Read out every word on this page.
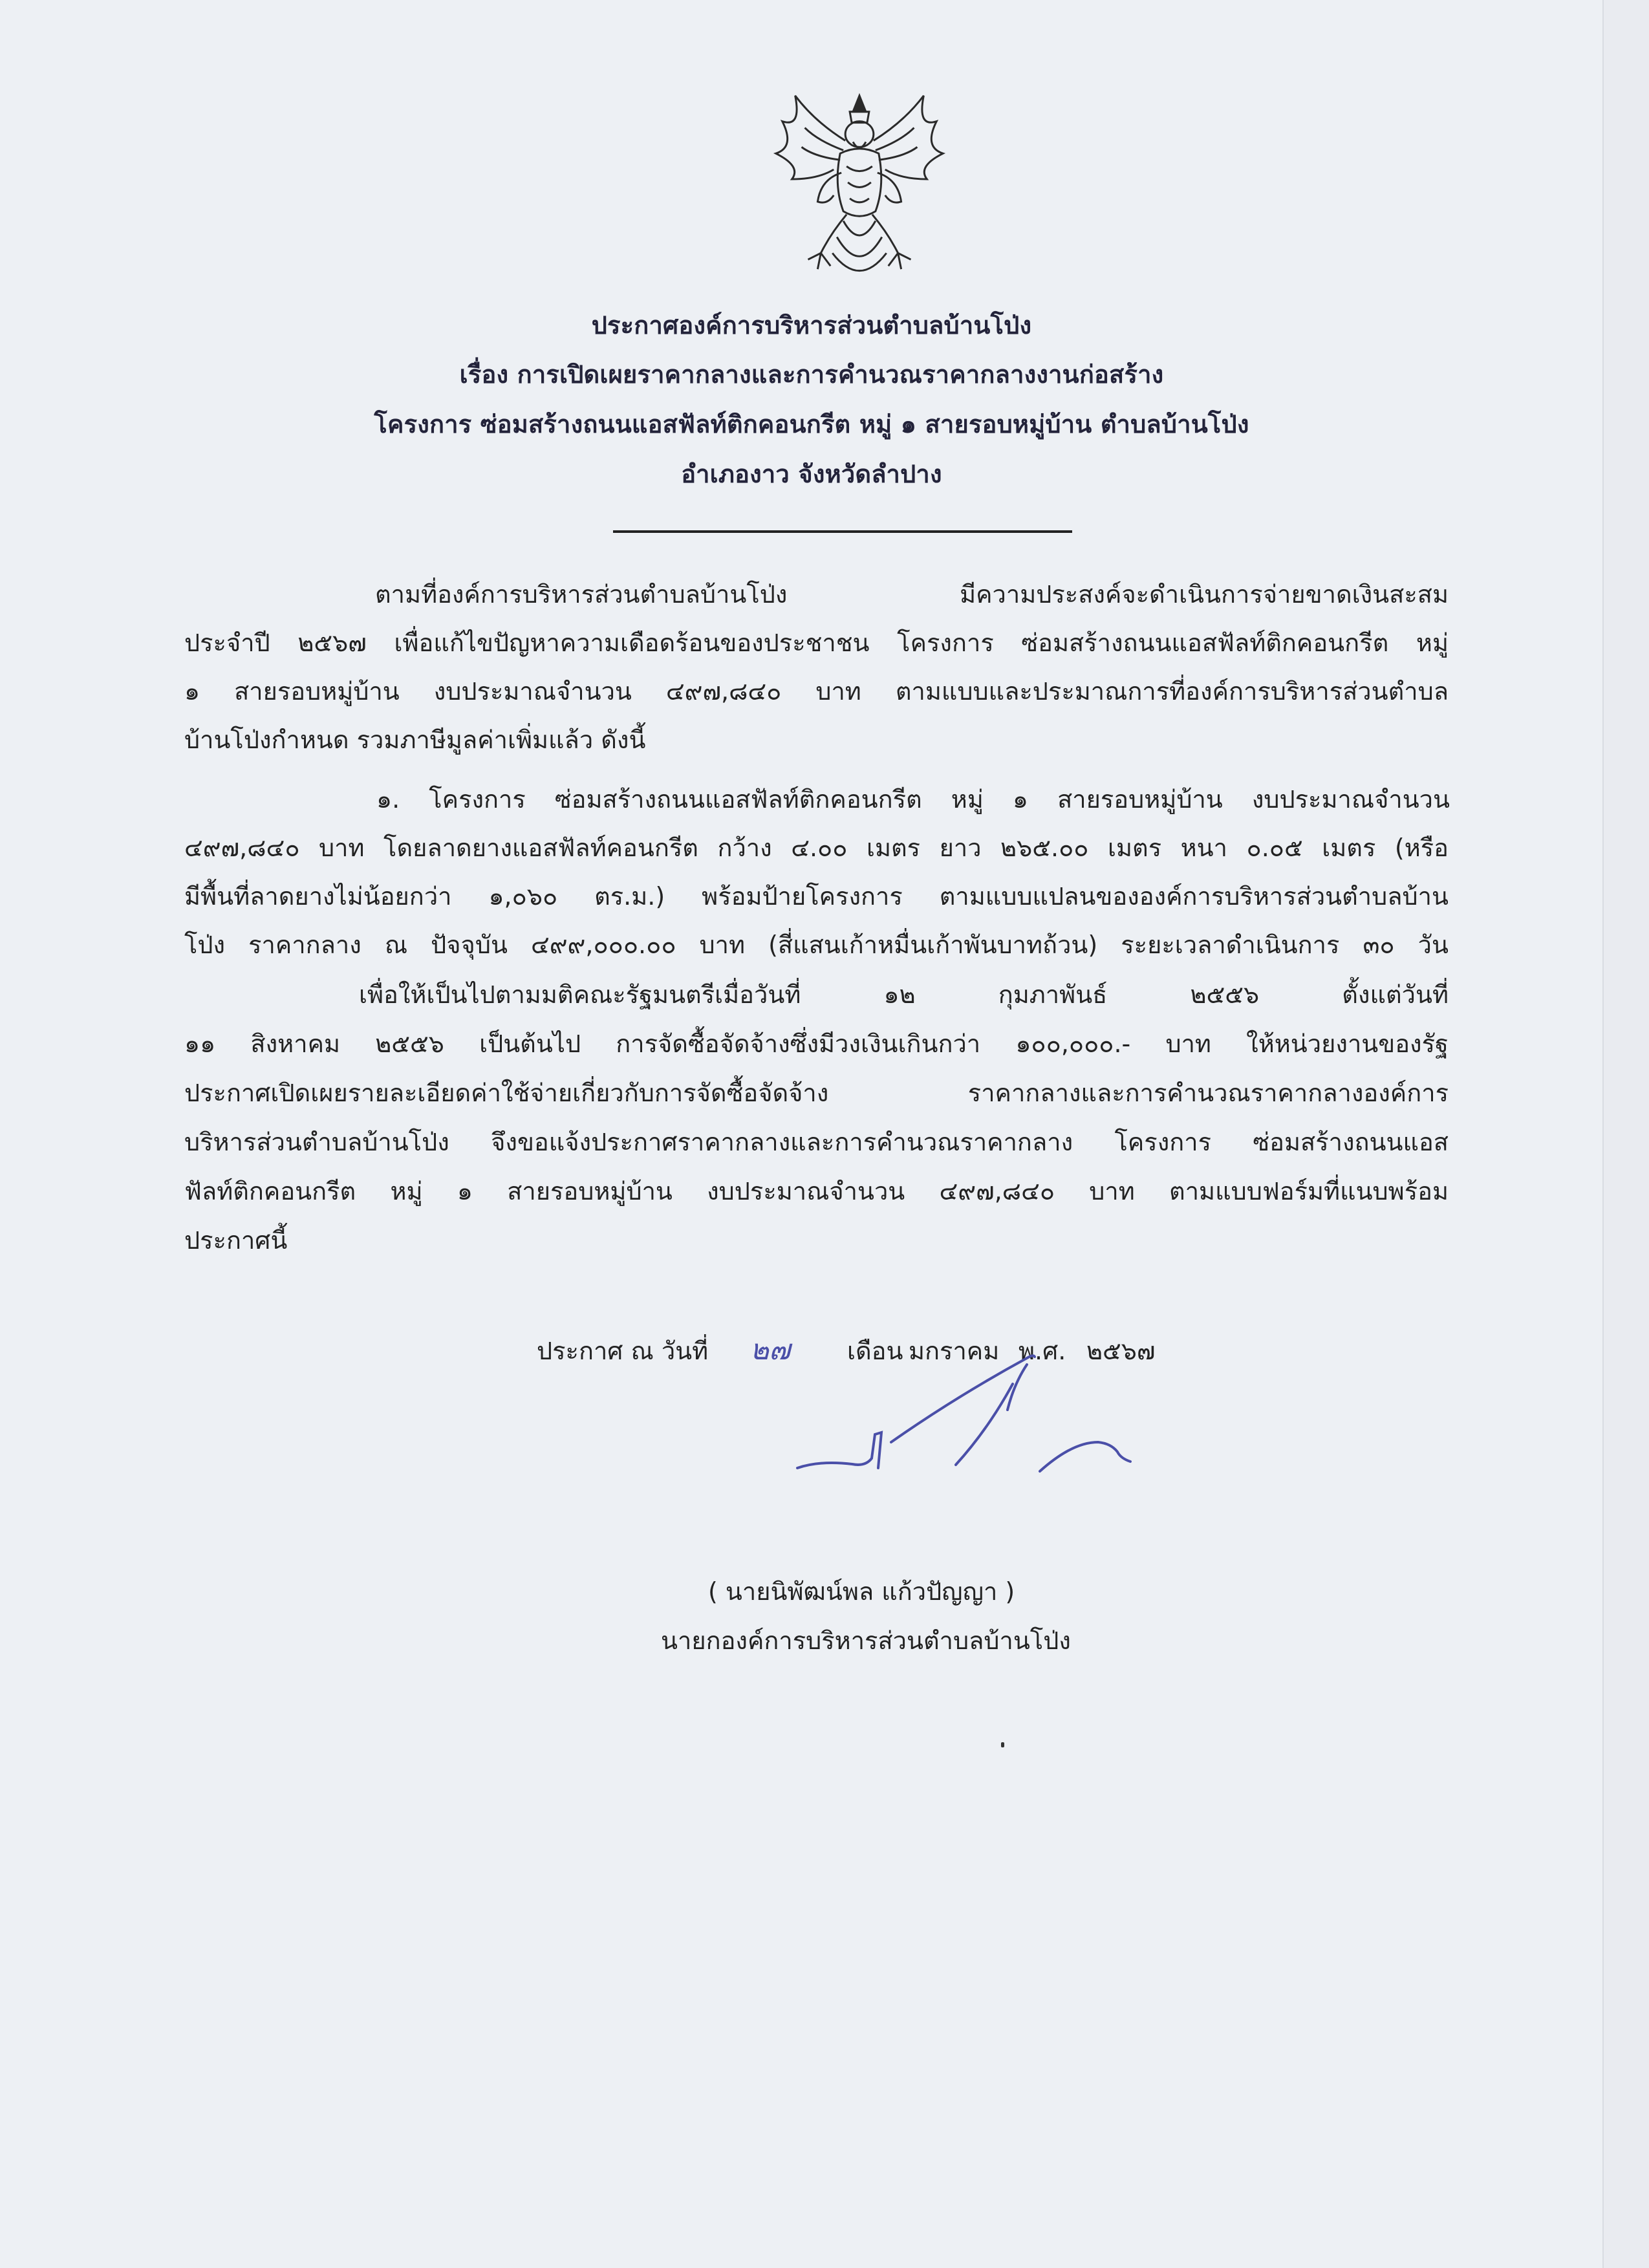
ประกาศองค์การบริหารส่วนตำบลบ้านโป่ง
เรื่อง การเปิดเผยราคากลางและการคำนวณราคากลางงานก่อสร้าง
โครงการ ซ่อมสร้างถนนแอสฟัลท์ติกคอนกรีต หมู่ ๑ สายรอบหมู่บ้าน ตำบลบ้านโป่ง
อำเภองาว จังหวัดลำปาง
ตามที่องค์การบริหารส่วนตำบลบ้านโป่ง มีความประสงค์จะดำเนินการจ่ายขาดเงินสะสม
ประจำปี ๒๕๖๗ เพื่อแก้ไขปัญหาความเดือดร้อนของประชาชน โครงการ ซ่อมสร้างถนนแอสฟัลท์ติกคอนกรีต หมู่
๑ สายรอบหมู่บ้าน งบประมาณจำนวน ๔๙๗,๘๔๐ บาท ตามแบบและประมาณการที่องค์การบริหารส่วนตำบล
บ้านโป่งกำหนด รวมภาษีมูลค่าเพิ่มแล้ว ดังนี้
๑. โครงการ ซ่อมสร้างถนนแอสฟัลท์ติกคอนกรีต หมู่ ๑ สายรอบหมู่บ้าน งบประมาณจำนวน
๔๙๗,๘๔๐ บาท โดยลาดยางแอสฟัลท์คอนกรีต กว้าง ๔.๐๐ เมตร ยาว ๒๖๕.๐๐ เมตร หนา ๐.๐๕ เมตร (หรือ
มีพื้นที่ลาดยางไม่น้อยกว่า ๑,๐๖๐ ตร.ม.) พร้อมป้ายโครงการ ตามแบบแปลนขององค์การบริหารส่วนตำบลบ้าน
โป่ง ราคากลาง ณ ปัจจุบัน ๔๙๙,๐๐๐.๐๐ บาท (สี่แสนเก้าหมื่นเก้าพันบาทถ้วน) ระยะเวลาดำเนินการ ๓๐ วัน
เพื่อให้เป็นไปตามมติคณะรัฐมนตรีเมื่อวันที่ ๑๒ กุมภาพันธ์ ๒๕๕๖ ตั้งแต่วันที่
๑๑ สิงหาคม ๒๕๕๖ เป็นต้นไป การจัดซื้อจัดจ้างซึ่งมีวงเงินเกินกว่า ๑๐๐,๐๐๐.- บาท ให้หน่วยงานของรัฐ
ประกาศเปิดเผยรายละเอียดค่าใช้จ่ายเกี่ยวกับการจัดซื้อจัดจ้าง ราคากลางและการคำนวณราคากลางองค์การ
บริหารส่วนตำบลบ้านโป่ง จึงขอแจ้งประกาศราคากลางและการคำนวณราคากลาง โครงการ ซ่อมสร้างถนนแอส
ฟัลท์ติกคอนกรีต หมู่ ๑ สายรอบหมู่บ้าน งบประมาณจำนวน ๔๙๗,๘๔๐ บาท ตามแบบฟอร์มที่แนบพร้อม
ประกาศนี้
ประกาศ ณ วันที่ ๒๗ เดือน มกราคม พ.ศ. ๒๕๖๗
( นายนิพัฒน์พล แก้วปัญญา )
นายกองค์การบริหารส่วนตำบลบ้านโป่ง
